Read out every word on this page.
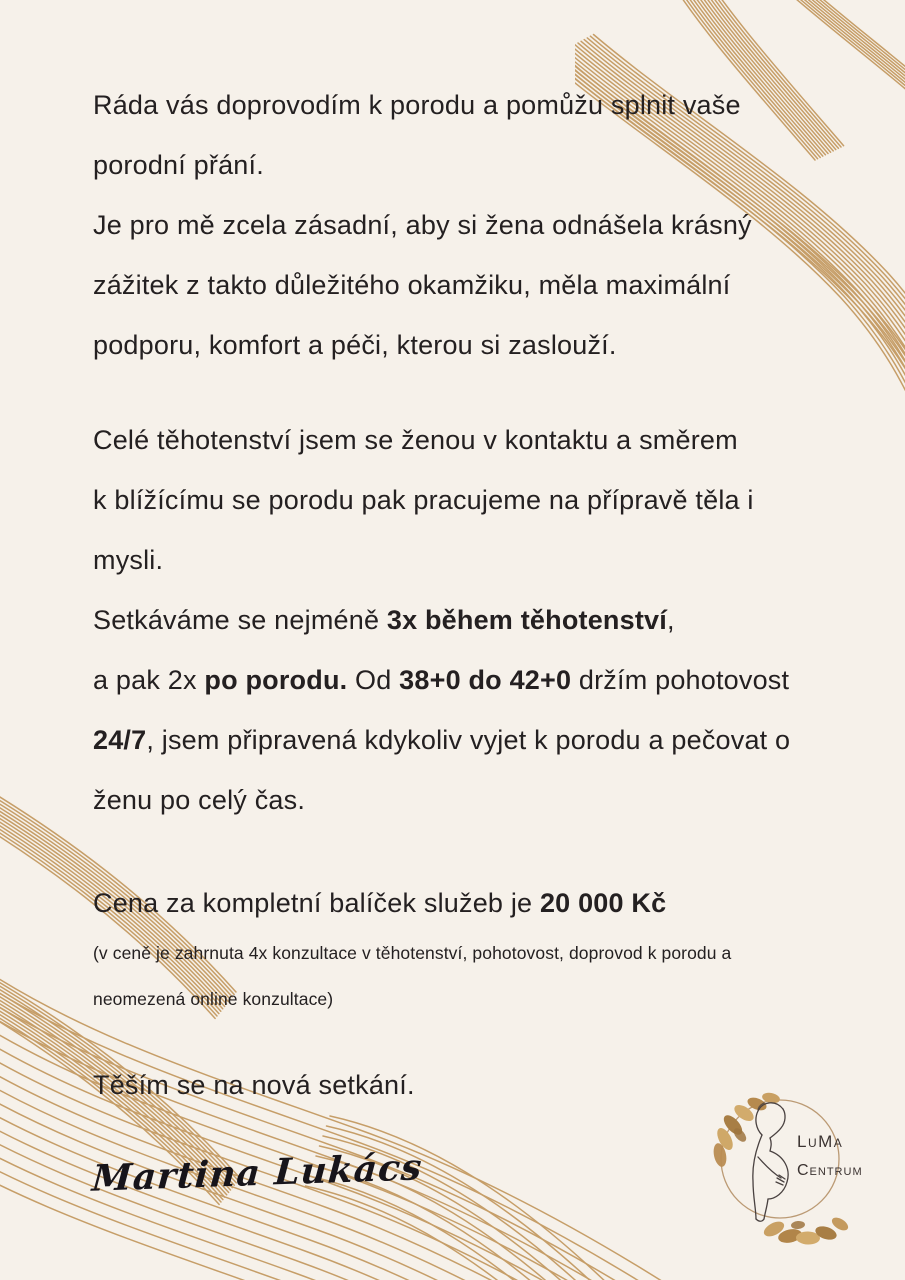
Ráda vás doprovodím k porodu a pomůžu splnit vaše
porodní přání.
Je pro mě zcela zásadní, aby si žena odnášela krásný
zážitek z takto důležitého okamžiku, měla maximální
podporu, komfort a péči, kterou si zaslouží.
Celé těhotenství jsem se ženou v kontaktu a směrem
k blížícímu se porodu pak pracujeme na přípravě těla i
mysli.
Setkáváme se nejméně 3x během těhotenství,
a pak 2x po porodu. Od 38+0 do 42+0 držím pohotovost
24/7, jsem připravená kdykoliv vyjet k porodu a pečovat o
ženu po celý čas.
Cena za kompletní balíček služeb je 20 000 Kč
(v ceně je zahrnuta 4x konzultace v těhotenství, pohotovost, doprovod k porodu a
neomezená online konzultace)
Těším se na nová setkání.
Martina Lukács
LuMa
Centrum
